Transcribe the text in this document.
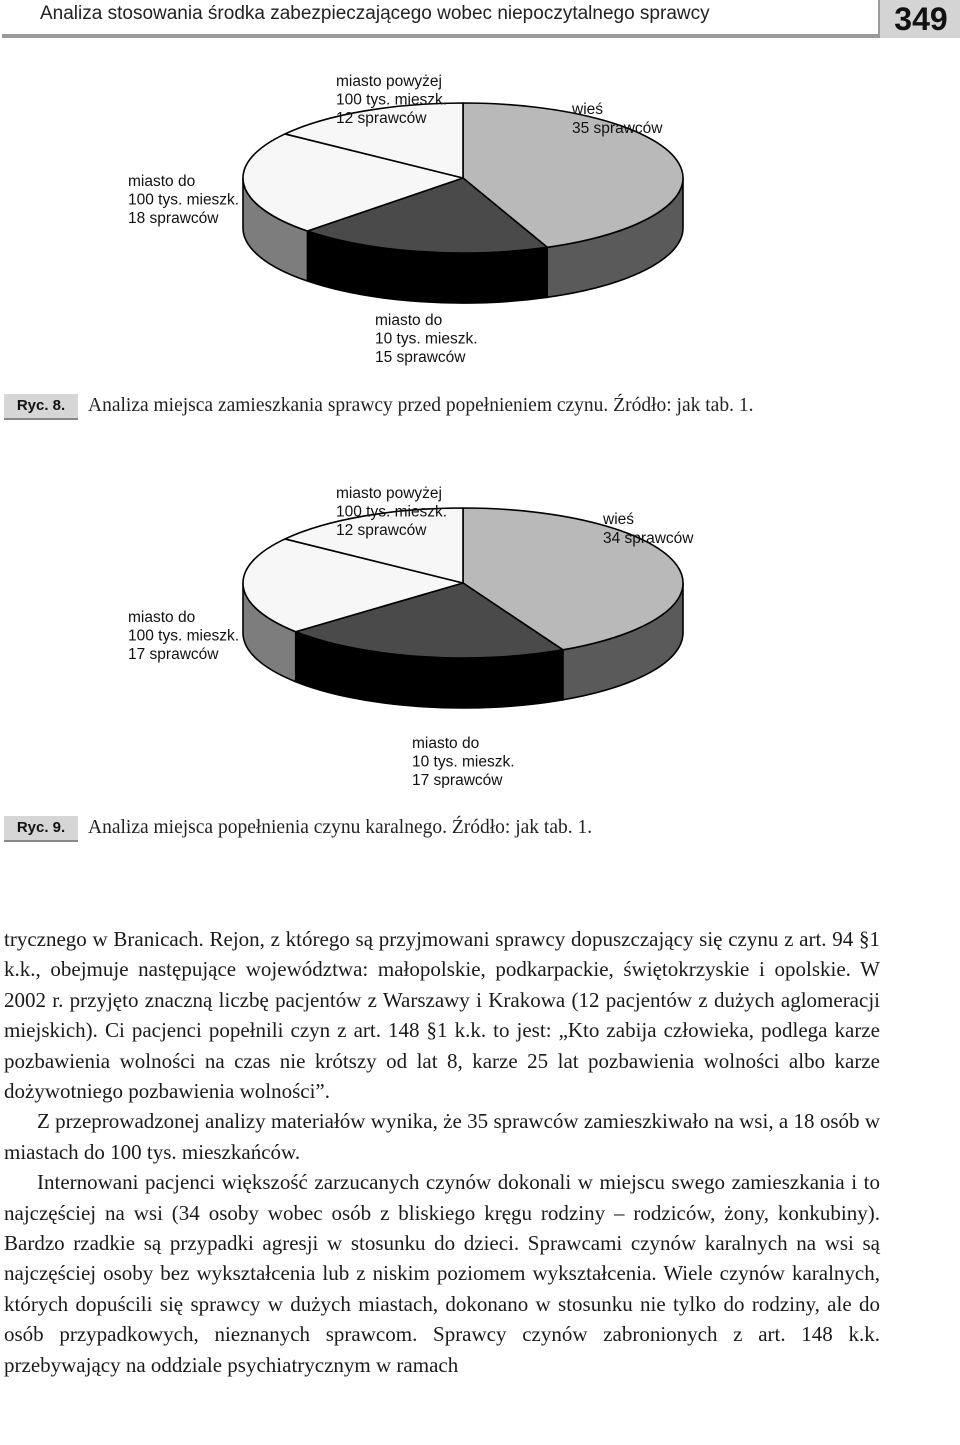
Analiza stosowania środka zabezpieczającego wobec niepoczytalnego sprawcy	349
miasto powyżej 100 tys. mieszk. 12 sprawców
wieś 35 sprawców
miasto do 100 tys. mieszk. 18 sprawców
miasto do 10 tys. mieszk. 15 sprawców
Ryc. 8.	Analiza miejsca zamieszkania sprawcy przed popełnieniem czynu. Źródło: jak tab. 1.
miasto powyżej 100 tys. mieszk. 12 sprawców
wieś 34 sprawców
miasto do 100 tys. mieszk. 17 sprawców
miasto do 10 tys. mieszk. 17 sprawców
Ryc. 9.	Analiza miejsca popełnienia czynu karalnego. Źródło: jak tab. 1.

trycznego w Branicach. Rejon, z którego są przyjmowani sprawcy dopuszczający się czynu z art. 94 §1 k.k., obejmuje następujące województwa: małopolskie, podkarpackie, świętokrzyskie i opolskie. W 2002 r. przyjęto znaczną liczbę pacjentów z Warszawy i Krakowa (12 pacjentów z dużych aglomeracji miejskich). Ci pacjenci popełnili czyn z art. 148 §1 k.k. to jest: „Kto zabija człowieka, podlega karze pozbawienia wolności na czas nie krótszy od lat 8, karze 25 lat pozbawienia wolności albo karze dożywotniego pozbawienia wolności”.

Z przeprowadzonej analizy materiałów wynika, że 35 sprawców zamieszkiwało na wsi, a 18 osób w miastach do 100 tys. mieszkańców.

Internowani pacjenci większość zarzucanych czynów dokonali w miejscu swego zamieszkania i to najczęściej na wsi (34 osoby wobec osób z bliskiego kręgu rodziny – rodziców, żony, konkubiny). Bardzo rzadkie są przypadki agresji w stosunku do dzieci. Sprawcami czynów karalnych na wsi są najczęściej osoby bez wykształcenia lub z niskim poziomem wykształcenia. Wiele czynów karalnych, których dopuścili się sprawcy w dużych miastach, dokonano w stosunku nie tylko do rodziny, ale do osób przypadkowych, nieznanych sprawcom. Sprawcy czynów zabronionych z art. 148 k.k. przebywający na oddziale psychiatrycznym w ramach
